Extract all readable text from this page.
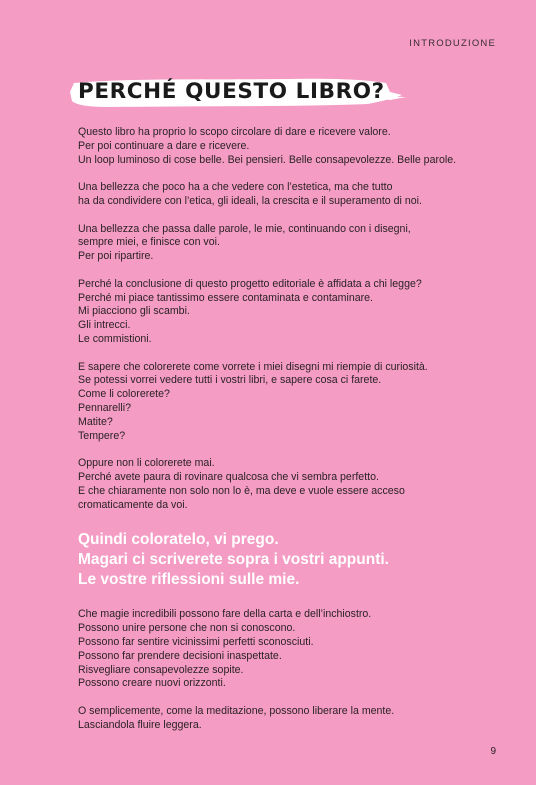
INTRODUZIONE
PERCHÉ QUESTO LIBRO?

Questo libro ha proprio lo scopo circolare di dare e ricevere valore.
Per poi continuare a dare e ricevere.
Un loop luminoso di cose belle. Bei pensieri. Belle consapevolezze. Belle parole.

Una bellezza che poco ha a che vedere con l’estetica, ma che tutto
ha da condividere con l’etica, gli ideali, la crescita e il superamento di noi.

Una bellezza che passa dalle parole, le mie, continuando con i disegni,
sempre miei, e finisce con voi.
Per poi ripartire.

Perché la conclusione di questo progetto editoriale è affidata a chi legge?
Perché mi piace tantissimo essere contaminata e contaminare.
Mi piacciono gli scambi.
Gli intrecci.
Le commistioni.

E sapere che colorerete come vorrete i miei disegni mi riempie di curiosità.
Se potessi vorrei vedere tutti i vostri libri, e sapere cosa ci farete.
Come li colorerete?
Pennarelli?
Matite?
Tempere?

Oppure non li colorerete mai.
Perché avete paura di rovinare qualcosa che vi sembra perfetto.
E che chiaramente non solo non lo è, ma deve e vuole essere acceso
cromaticamente da voi.

Quindi coloratelo, vi prego.
Magari ci scriverete sopra i vostri appunti.
Le vostre riflessioni sulle mie.

Che magie incredibili possono fare della carta e dell’inchiostro.
Possono unire persone che non si conoscono.
Possono far sentire vicinissimi perfetti sconosciuti.
Possono far prendere decisioni inaspettate.
Risvegliare consapevolezze sopite.
Possono creare nuovi orizzonti.

O semplicemente, come la meditazione, possono liberare la mente.
Lasciandola fluire leggera.

9
